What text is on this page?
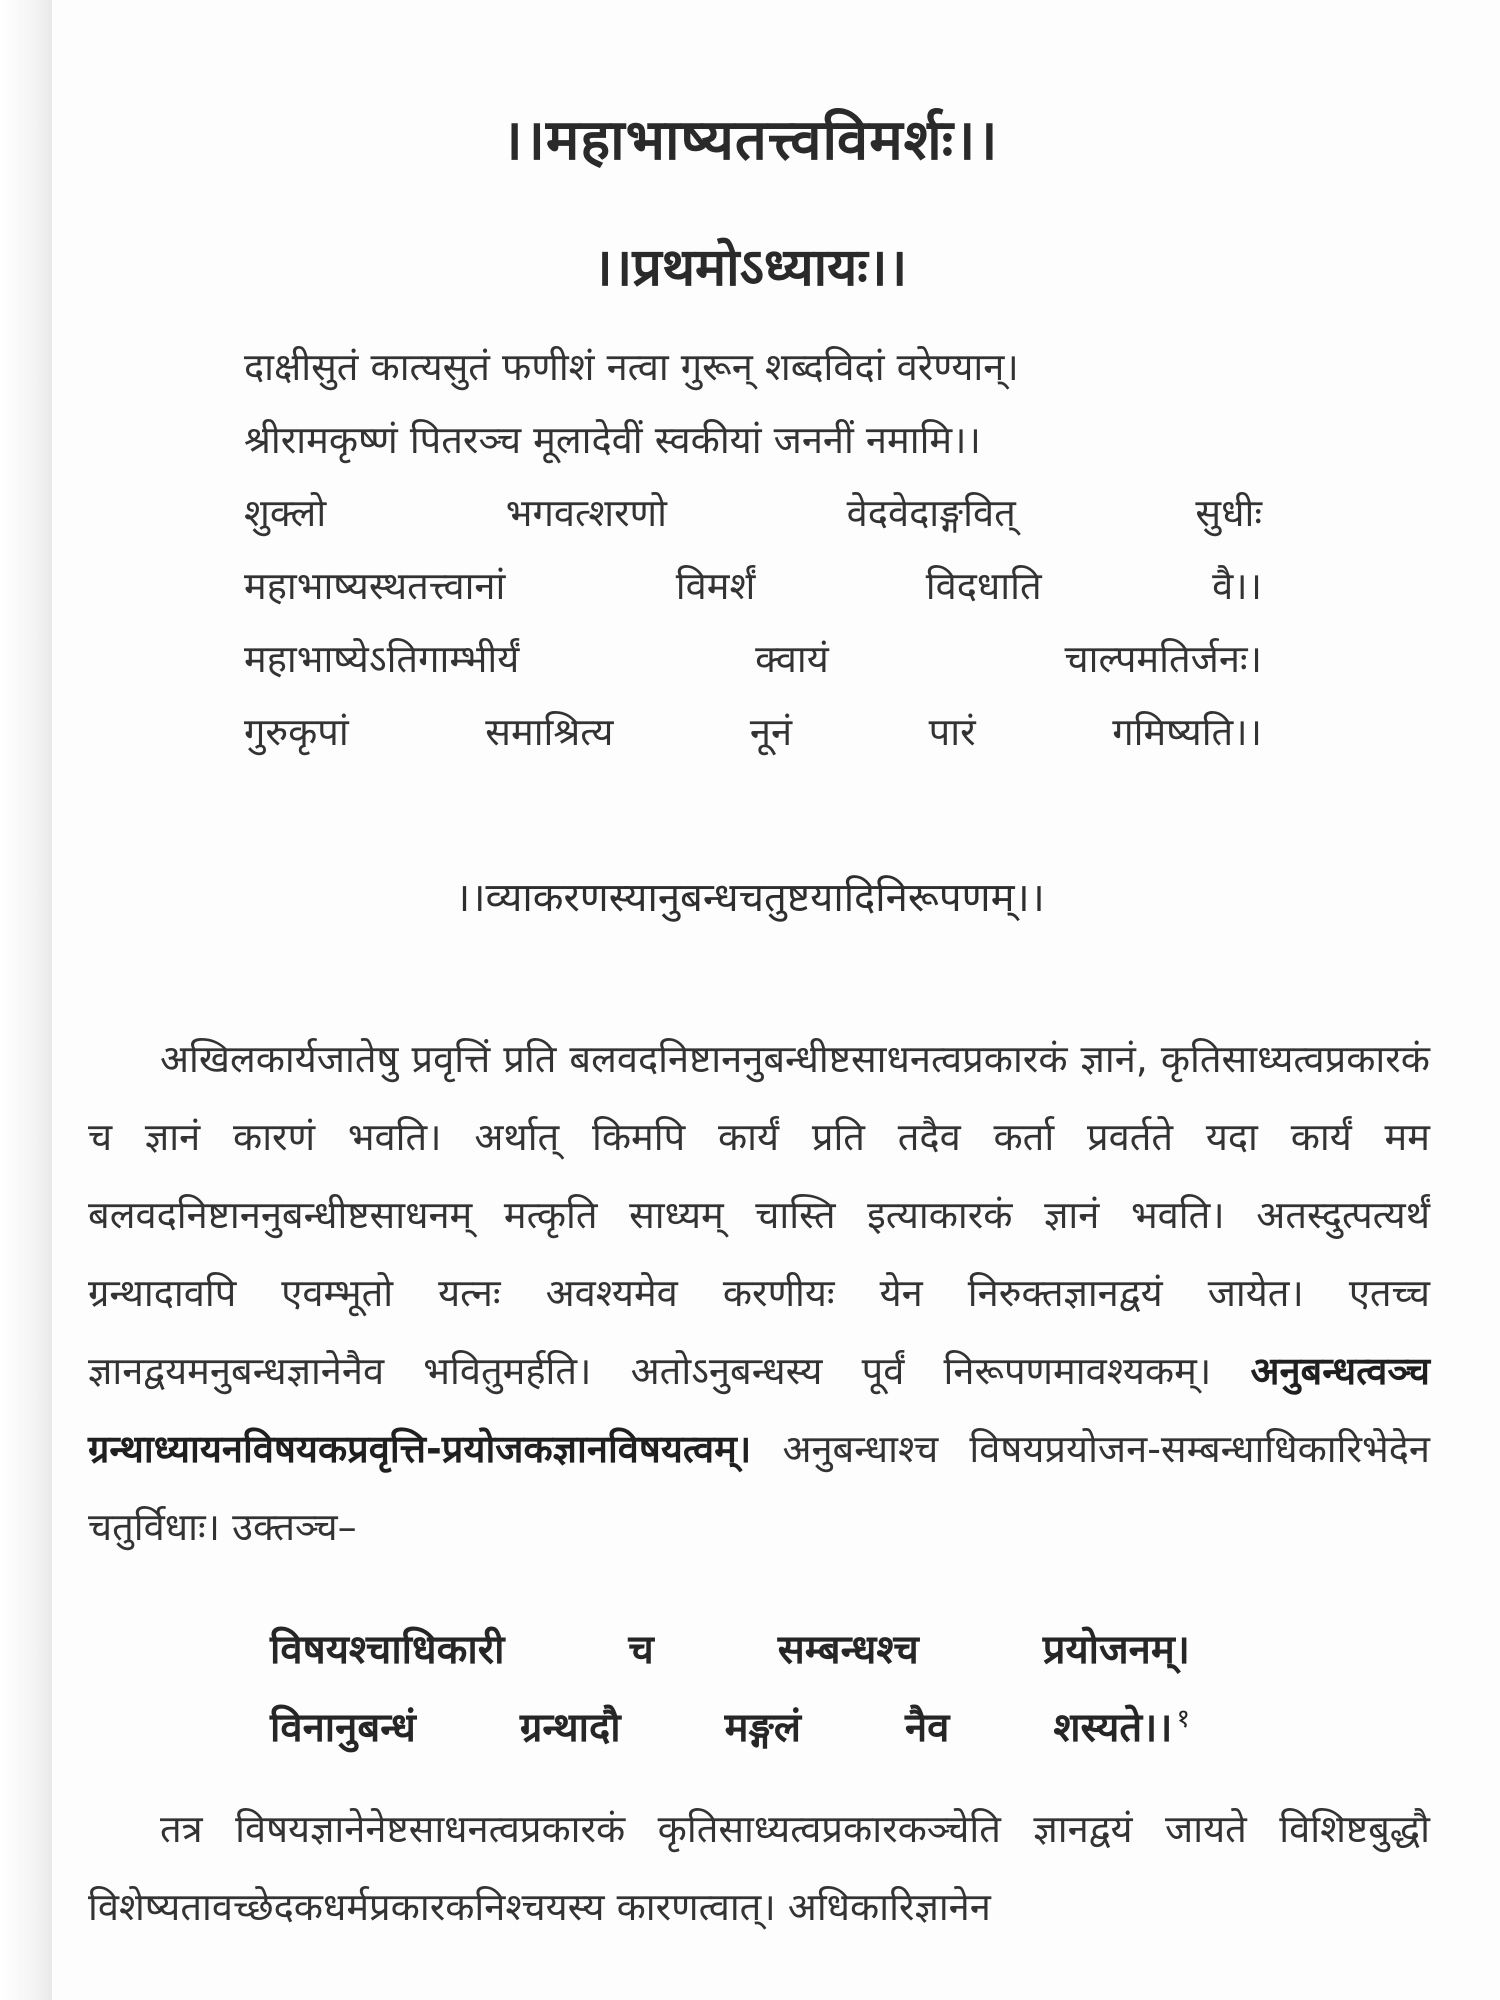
।।महाभाष्यतत्त्वविमर्शः।।
।।प्रथमोऽध्यायः।।
दाक्षीसुतं कात्यसुतं फणीशं नत्वा गुरून् शब्दविदां वरेण्यान्।
श्रीरामकृष्णं पितरञ्च मूलादेवीं स्वकीयां जननीं नमामि।।
शुक्लो	भगवत्शरणो	वेदवेदाङ्गवित्	सुधीः
महाभाष्यस्थतत्त्वानां	विमर्शं	विदधाति	वै।।
महाभाष्येऽतिगाम्भीर्यं	क्वायं	चाल्पमतिर्जनः।
गुरुकृपां	समाश्रित्य	नूनं	पारं	गमिष्यति।।
।।व्याकरणस्यानुबन्धचतुष्टयादिनिरूपणम्।।

अखिलकार्यजातेषु प्रवृत्तिं प्रति बलवदनिष्टाननुबन्धीष्टसाधनत्वप्रकारकं ज्ञानं, कृतिसाध्यत्वप्रकारकं च ज्ञानं कारणं भवति। अर्थात् किमपि कार्यं प्रति तदैव कर्ता प्रवर्तते यदा कार्यं मम बलवदनिष्टाननुबन्धीष्टसाधनम् मत्कृति साध्यम् चास्ति इत्याकारकं ज्ञानं भवति। अतस्दुत्पत्यर्थं ग्रन्थादावपि एवम्भूतो यत्नः अवश्यमेव करणीयः येन निरुक्तज्ञानद्वयं जायेत। एतच्च ज्ञानद्वयमनुबन्धज्ञानेनैव भवितुमर्हति। अतोऽनुबन्धस्य पूर्वं निरूपणमावश्यकम्। अनुबन्धत्वञ्च ग्रन्थाध्यायनविषयकप्रवृत्ति-प्रयोजकज्ञानविषयत्वम्। अनुबन्धाश्च विषयप्रयोजन-सम्बन्धाधिकारिभेदेन चतुर्विधाः। उक्तञ्च–

विषयश्चाधिकारी	च	सम्बन्धश्च	प्रयोजनम्।
विनानुबन्धं	ग्रन्थादौ	मङ्गलं	नैव	शस्यते।। $^१$

तत्र विषयज्ञानेनेष्टसाधनत्वप्रकारकं कृतिसाध्यत्वप्रकारकञ्चेति ज्ञानद्वयं जायते विशिष्टबुद्धौ विशेष्यतावच्छेदकधर्मप्रकारकनिश्चयस्य कारणत्वात्। अधिकारिज्ञानेन
